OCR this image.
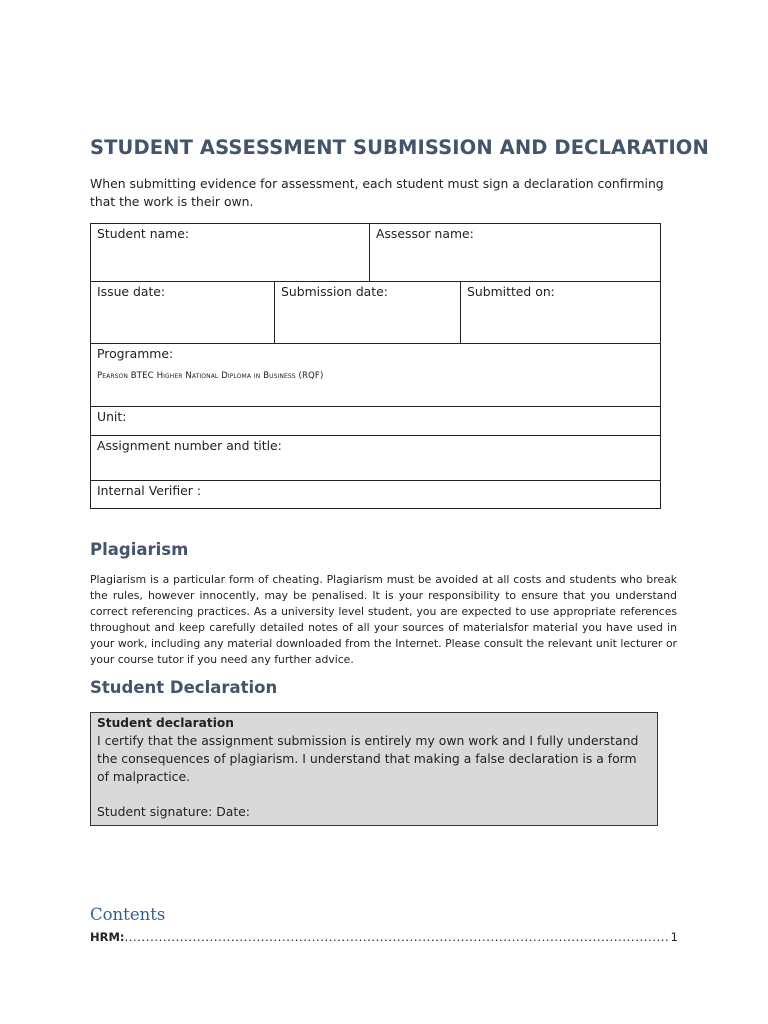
STUDENT ASSESSMENT SUBMISSION AND DECLARATION

When submitting evidence for assessment, each student must sign a declaration confirming that the work is their own.

Student name:		Assessor name:	
Issue date:	Submission date:		Submitted on:
Programme:
Pearson BTEC Higher National Diploma in Business (RQF)			

Unit:			
Assignment number and title:			
Internal Verifier :			
Plagiarism

Plagiarism is a particular form of cheating. Plagiarism must be avoided at all costs and students who break the rules, however innocently, may be penalised. It is your responsibility to ensure that you understand correct referencing practices. As a university level student, you are expected to use appropriate references throughout and keep carefully detailed notes of all your sources of materialsfor material you have used in your work, including any material downloaded from the Internet. Please consult the relevant unit lecturer or your course tutor if you need any further advice.

Student Declaration
Student declaration
I certify that the assignment submission is entirely my own work and I fully understand the consequences of plagiarism. I understand that making a false declaration is a form of malpractice.
Student signature: Date:
Contents
HRM: .....	1
